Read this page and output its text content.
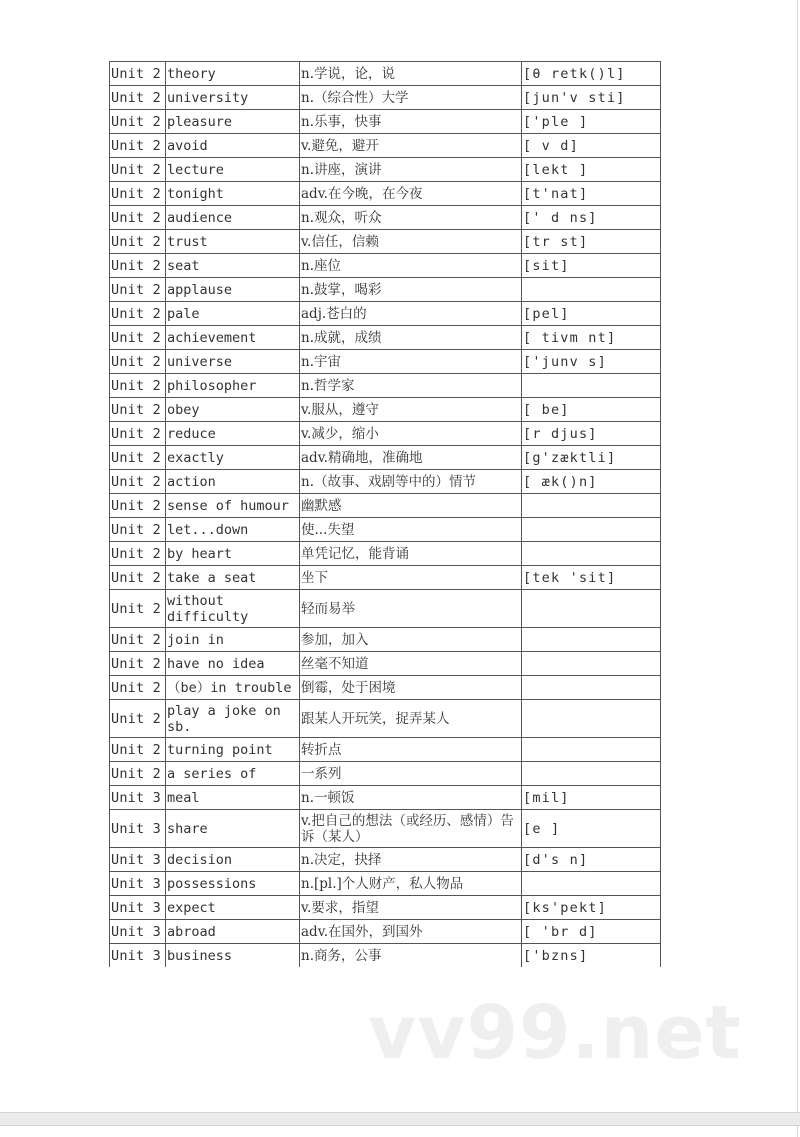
Unit 2	theory	n.学说，论，说	[θ retk()l]
Unit 2	university	n.（综合性）大学	[jun'v sti]
Unit 2	pleasure	n.乐事，快事	['ple ]
Unit 2	avoid	v.避免，避开	[ v d]
Unit 2	lecture	n.讲座，演讲	[lekt ]
Unit 2	tonight	adv.在今晚，在今夜	[t'nat]
Unit 2	audience	n.观众，听众	[' d ns]
Unit 2	trust	v.信任，信赖	[tr st]
Unit 2	seat	n.座位	[sit]
Unit 2	applause	n.鼓掌，喝彩	
Unit 2	pale	adj.苍白的	[pel]
Unit 2	achievement	n.成就，成绩	[ tivm nt]
Unit 2	universe	n.宇宙	['junv s]
Unit 2	philosopher	n.哲学家	
Unit 2	obey	v.服从，遵守	[ be]
Unit 2	reduce	v.减少，缩小	[r djus]
Unit 2	exactly	adv.精确地，准确地	[g'zæktli]
Unit 2	action	n.（故事、戏剧等中的）情节	[ æk()n]
Unit 2	sense of humour	幽默感	
Unit 2	let...down	使...失望	
Unit 2	by heart	单凭记忆，能背诵	
Unit 2	take a seat	坐下	[tek 'sit]
Unit 2	without difficulty	轻而易举	
Unit 2	join in	参加，加入	
Unit 2	have no idea	丝毫不知道	
Unit 2	（be）in trouble	倒霉，处于困境	
Unit 2	play a joke on sb.	跟某人开玩笑，捉弄某人	
Unit 2	turning point	转折点	
Unit 2	a series of	一系列	
Unit 3	meal	n.一顿饭	[mil]
Unit 3	share	v.把自己的想法（或经历、感情）告诉（某人）	[e ]
Unit 3	decision	n.决定，抉择	[d's n]
Unit 3	possessions	n.[pl.]个人财产，私人物品	
Unit 3	expect	v.要求，指望	[ks'pekt]
Unit 3	abroad	adv.在国外，到国外	[ 'br d]
Unit 3	business	n.商务，公事	['bzns]
vv99.net
